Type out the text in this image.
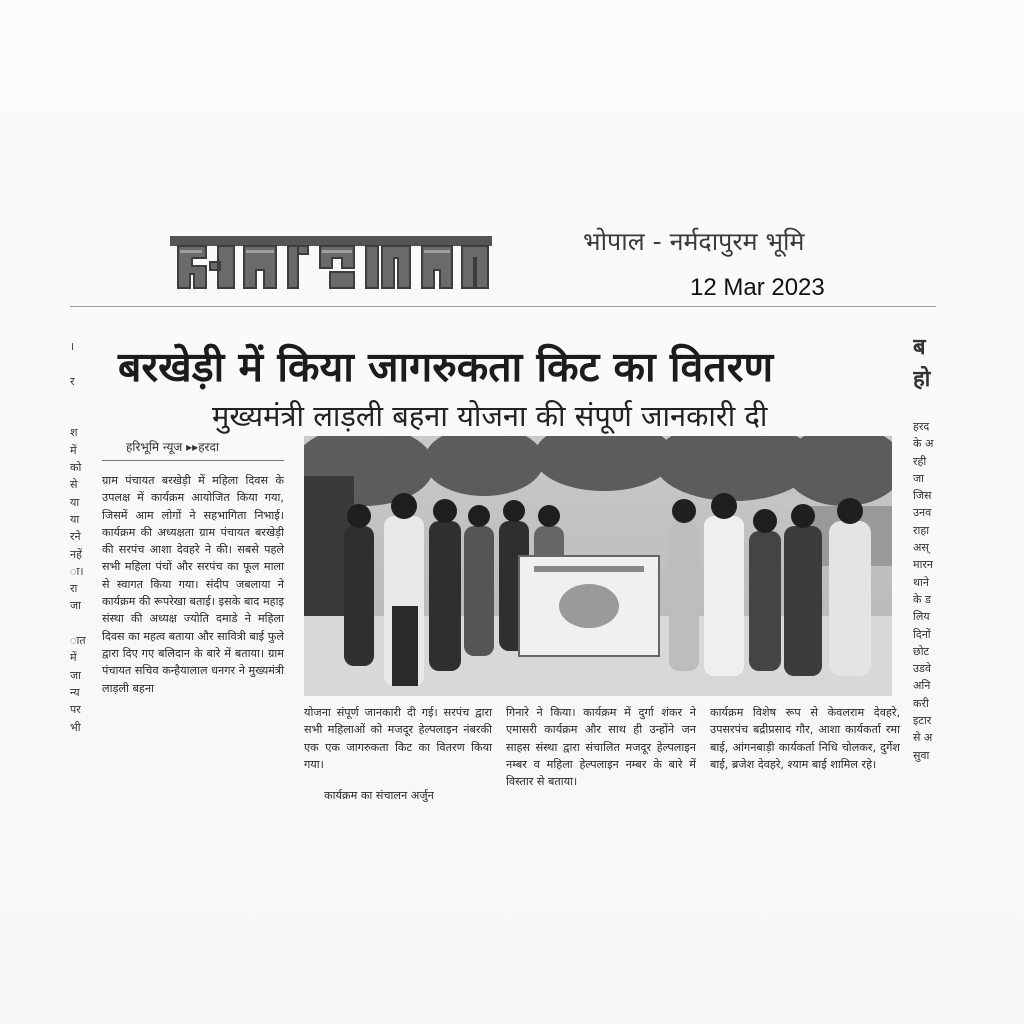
भोपाल - नर्मदापुरम भूमि
12 Mar 2023
बरखेड़ी में किया जागरुकता किट का वितरण
मुख्यमंत्री लाड़ली बहना योजना की संपूर्ण जानकारी दी
हरिभूमि न्यूज ▸▸हरदा

ग्राम पंचायत बरखेड़ी में महिला दिवस के उपलक्ष में कार्यक्रम आयोजित किया गया, जिसमें आम लोगों ने सहभागिता निभाई। कार्यक्रम की अध्यक्षता ग्राम पंचायत बरखेड़ी की सरपंच आशा देवहरे ने की। सबसे पहले सभी महिला पंचों और सरपंच का फूल माला से स्वागत किया गया। संदीप जबलाया ने कार्यक्रम की रूपरेखा बताई। इसके बाद महाइ संस्था की अध्यक्ष ज्योति दमाडे ने महिला दिवस का महत्व बताया और सावित्री बाई फुले द्वारा दिए गए बलिदान के बारे में बताया। ग्राम पंचायत सचिव कन्हैयालाल धनगर ने मुख्यमंत्री लाड़ली बहना

योजना संपूर्ण जानकारी दी गई। सरपंच द्वारा सभी महिलाओं को मजदूर हेल्पलाइन नंबरकी एक एक जागरुकता किट का वितरण किया गया।

कार्यक्रम का संचालन अर्जुन

गिनारे ने किया। कार्यक्रम में दुर्गा शंकर ने एमासरी कार्यक्रम और साथ ही उन्होंने जन साहस संस्था द्वारा संचालित मजदूर हेल्पलाइन नम्बर व महिला हेल्पलाइन नम्बर के बारे में विस्तार से बताया।

कार्यक्रम विशेष रूप से केवलराम देवहरे, उपसरपंच बद्रीप्रसाद गौर, आशा कार्यकर्ता रमा बाई, आंगनबाड़ी कार्यकर्ता निधि चोलकर, दुर्गेश बाई, ब्रजेश देवहरे, श्याम बाई शामिल रहे।

।
र
श
में
को
से
या
या
रने
नहें
ा।
रा
जा
ात
में
जा
न्य
पर
भी
ब
हो
हरद
के अ
रही
जा
जिस
उनव
राहा
अस्
मारन
थाने
के ड
लिय
दिनों
छोट
उडवे
अनि
करी
इटार
से अ
सुवा
